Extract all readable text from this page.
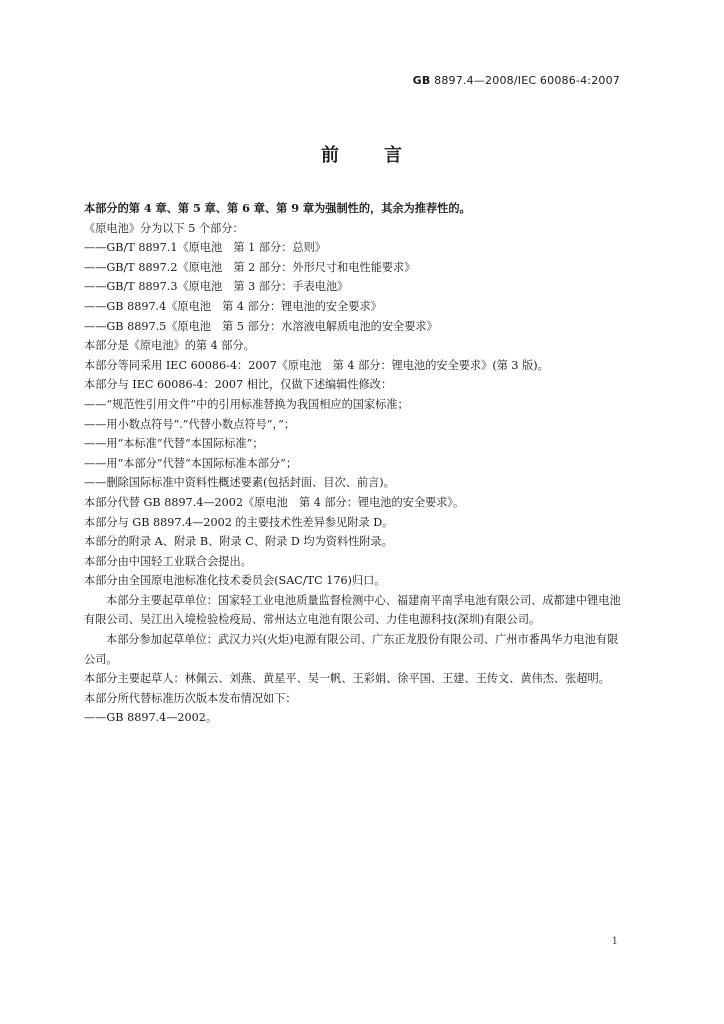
GB 8897.4—2008/IEC 60086-4:2007
前 言
本部分的第 4 章、第 5 章、第 6 章、第 9 章为强制性的，其余为推荐性的。
《原电池》分为以下 5 个部分：
——GB/T 8897.1《原电池　第 1 部分：总则》
——GB/T 8897.2《原电池　第 2 部分：外形尺寸和电性能要求》
——GB/T 8897.3《原电池　第 3 部分：手表电池》
——GB 8897.4《原电池　第 4 部分：锂电池的安全要求》
——GB 8897.5《原电池　第 5 部分：水溶液电解质电池的安全要求》
本部分是《原电池》的第 4 部分。
本部分等同采用 IEC 60086-4：2007《原电池　第 4 部分：锂电池的安全要求》(第 3 版)。
本部分与 IEC 60086-4：2007 相比，仅做下述编辑性修改：
——“规范性引用文件”中的引用标准替换为我国相应的国家标准；
——用小数点符号“.”代替小数点符号“，”；
——用“本标准”代替“本国际标准”；
——用“本部分”代替“本国际标准本部分”；
——删除国际标准中资料性概述要素(包括封面、目次、前言)。
本部分代替 GB 8897.4—2002《原电池　第 4 部分：锂电池的安全要求》。
本部分与 GB 8897.4—2002 的主要技术性差异参见附录 D。
本部分的附录 A、附录 B、附录 C、附录 D 均为资料性附录。
本部分由中国轻工业联合会提出。
本部分由全国原电池标准化技术委员会(SAC/TC 176)归口。
本部分主要起草单位：国家轻工业电池质量监督检测中心、福建南平南孚电池有限公司、成都建中锂电池有限公司、吴江出入境检验检疫局、常州达立电池有限公司、力佳电源科技(深圳)有限公司。
本部分参加起草单位：武汉力兴(火炬)电源有限公司、广东正龙股份有限公司、广州市番禺华力电池有限公司。
本部分主要起草人：林佩云、刘燕、黄星平、吴一帆、王彩娟、徐平国、王建、王传文、黄伟杰、张超明。
本部分所代替标准历次版本发布情况如下：
——GB 8897.4—2002。
1
